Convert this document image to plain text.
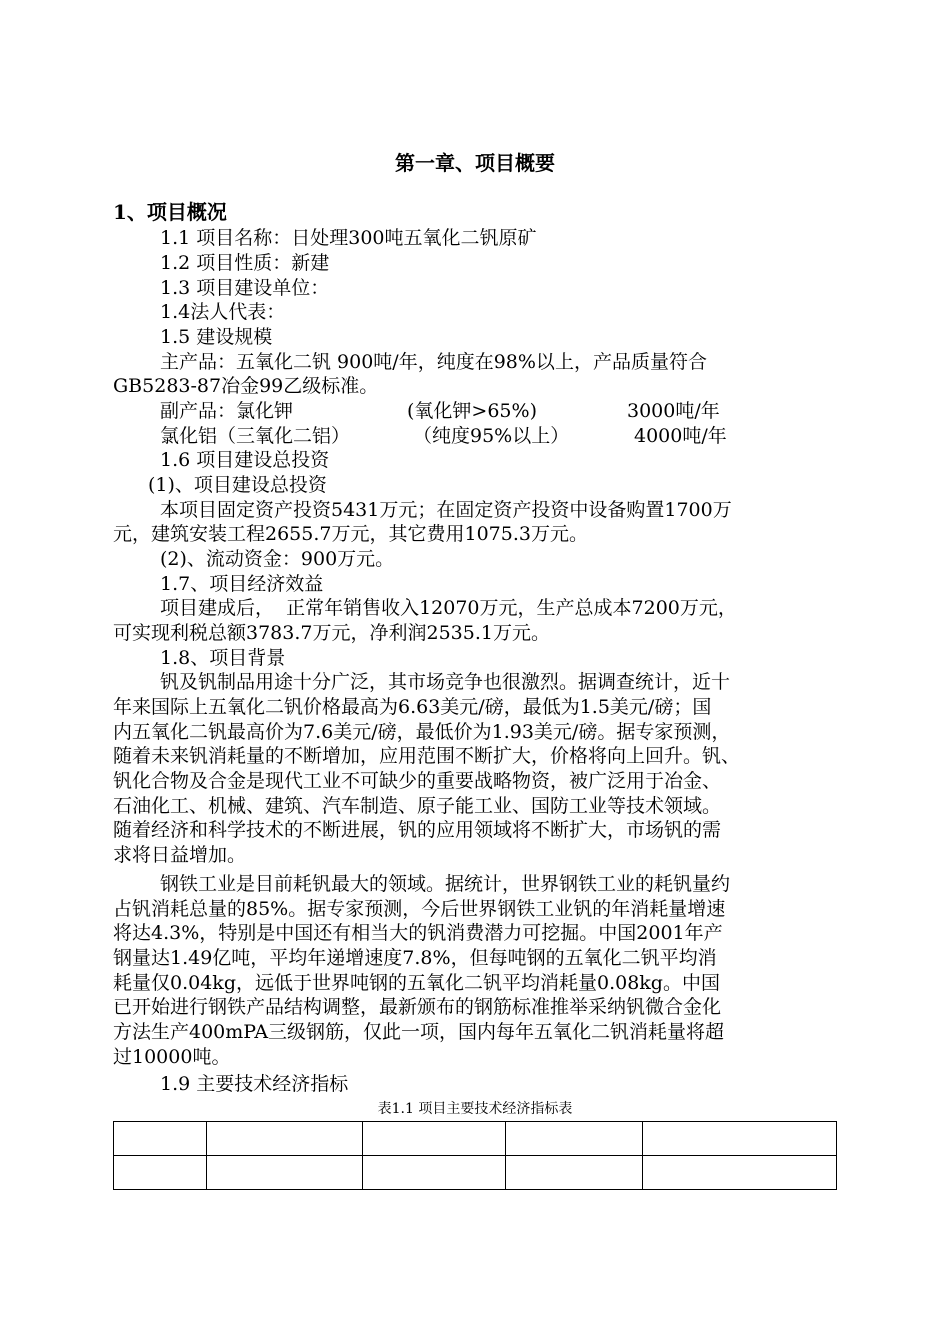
第一章、项目概要
1、项目概况
1.1 项目名称：日处理300吨五氧化二钒原矿
1.2 项目性质：新建
1.3 项目建设单位：
1.4法人代表：
1.5 建设规模
主产品：五氧化二钒 900吨/年，纯度在98%以上，产品质量符合
GB5283-87冶金99乙级标准。
副产品：氯化钾	(氧化钾>65%)	3000吨/年
氯化铝（三氧化二铝）	（纯度95%以上）	4000吨/年
1.6 项目建设总投资
(1)、项目建设总投资
本项目固定资产投资5431万元；在固定资产投资中设备购置1700万
元，建筑安装工程2655.7万元，其它费用1075.3万元。
(2)、流动资金：900万元。
1.7、项目经济效益
项目建成后，  正常年销售收入12070万元，生产总成本7200万元，
可实现利税总额3783.7万元，净利润2535.1万元。
1.8、项目背景
钒及钒制品用途十分广泛，其市场竞争也很激烈。据调查统计，近十
年来国际上五氧化二钒价格最高为6.63美元/磅，最低为1.5美元/磅；国
内五氧化二钒最高价为7.6美元/磅，最低价为1.93美元/磅。据专家预测，
随着未来钒消耗量的不断增加，应用范围不断扩大，价格将向上回升。钒、
钒化合物及合金是现代工业不可缺少的重要战略物资，被广泛用于冶金、
石油化工、机械、建筑、汽车制造、原子能工业、国防工业等技术领域。
随着经济和科学技术的不断进展，钒的应用领域将不断扩大，市场钒的需
求将日益增加。
钢铁工业是目前耗钒最大的领域。据统计，世界钢铁工业的耗钒量约
占钒消耗总量的85%。据专家预测，今后世界钢铁工业钒的年消耗量增速
将达4.3%，特别是中国还有相当大的钒消费潜力可挖掘。中国2001年产
钢量达1.49亿吨，平均年递增速度7.8%，但每吨钢的五氧化二钒平均消
耗量仅0.04kg，远低于世界吨钢的五氧化二钒平均消耗量0.08kg。中国
已开始进行钢铁产品结构调整，最新颁布的钢筋标准推举采纳钒微合金化
方法生产400mPA三级钢筋，仅此一项，国内每年五氧化二钒消耗量将超
过10000吨。
1.9 主要技术经济指标
表1.1 项目主要技术经济指标表
